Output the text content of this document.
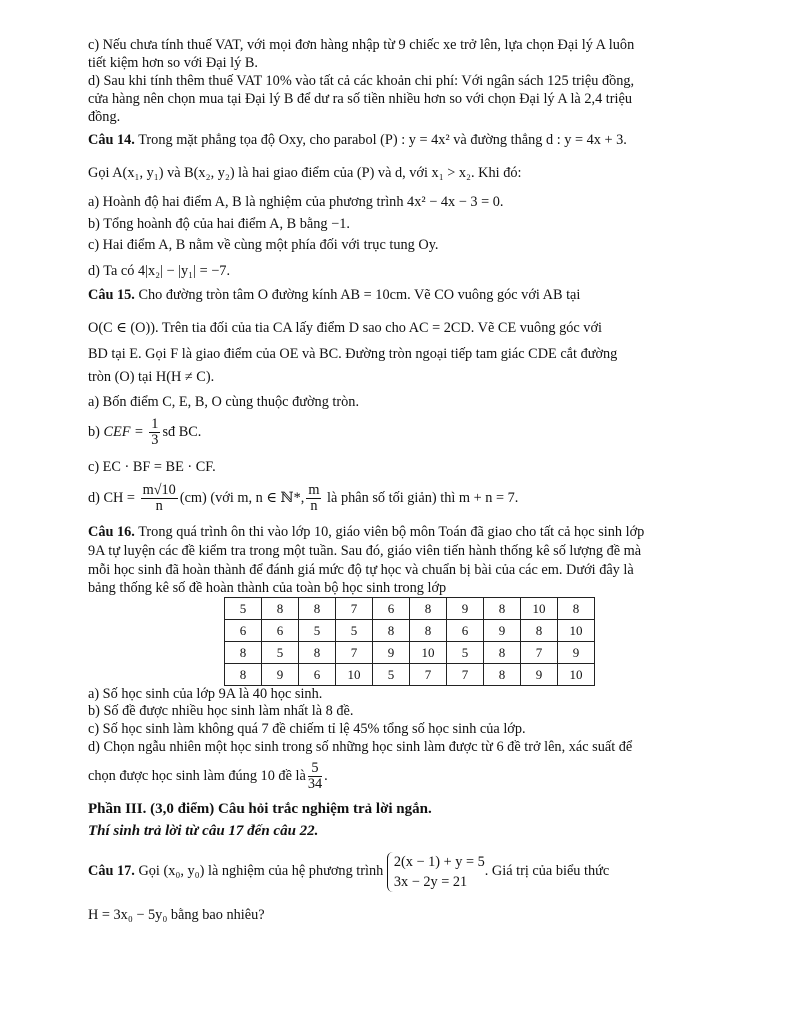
c) Nếu chưa tính thuế VAT, với mọi đơn hàng nhập từ 9 chiếc xe trở lên, lựa chọn Đại lý A luôn
tiết kiệm hơn so với Đại lý B.
d) Sau khi tính thêm thuế VAT 10% vào tất cả các khoản chi phí: Với ngân sách 125 triệu đồng,
cửa hàng nên chọn mua tại Đại lý B để dư ra số tiền nhiều hơn so với chọn Đại lý A là 2,4 triệu
đồng.
Câu 14. Trong mặt phẳng tọa độ Oxy, cho parabol (P) : y = 4x² và đường thẳng d : y = 4x + 3.
Gọi A(x₁, y₁) và B(x₂, y₂) là hai giao điểm của (P) và d, với x₁ > x₂. Khi đó:
a) Hoành độ hai điểm A, B là nghiệm của phương trình 4x² − 4x − 3 = 0.
b) Tổng hoành độ của hai điểm A, B bằng −1.
c) Hai điểm A, B nằm về cùng một phía đối với trục tung Oy.
d) Ta có 4|x₂| − |y₁| = −7.
Câu 15. Cho đường tròn tâm O đường kính AB = 10cm. Vẽ CO vuông góc với AB tại
O(C ∈ (O)). Trên tia đối của tia CA lấy điểm D sao cho AC = 2CD. Vẽ CE vuông góc với
BD tại E. Gọi F là giao điểm của OE và BC. Đường tròn ngoại tiếp tam giác CDE cắt đường
tròn (O) tại H(H ≠ C).
a) Bốn điểm C, E, B, O cùng thuộc đường tròn.
b) CEF = $\frac{1}{3}$ sđ BC.
c) EC · BF = BE · CF.
d) CH = $\frac{m√10}{n} (cm)$ (với m, n ∈ ℕ*, $\frac{m}{n}$ là phân số tối giản) thì m + n = 7.
Câu 16. Trong quá trình ôn thi vào lớp 10, giáo viên bộ môn Toán đã giao cho tất cả học sinh lớp
9A tự luyện các đề kiểm tra trong một tuần. Sau đó, giáo viên tiến hành thống kê số lượng đề mà
mỗi học sinh đã hoàn thành để đánh giá mức độ tự học và chuẩn bị bài của các em. Dưới đây là
bảng thống kê số đề hoàn thành của toàn bộ học sinh trong lớp
5	8	8	7	6	8	9	8	10	8
6	6	5	5	8	8	6	9	8	10
8	5	8	7	9	10	5	8	7	9
8	9	6	10	5	7	7	8	9	10
a) Số học sinh của lớp 9A là 40 học sinh.
b) Số đề được nhiều học sinh làm nhất là 8 đề.
c) Số học sinh làm không quá 7 đề chiếm tỉ lệ 45% tổng số học sinh của lớp.
d) Chọn ngẫu nhiên một học sinh trong số những học sinh làm được từ 6 đề trở lên, xác suất để
chọn được học sinh làm đúng 10 đề là $\frac{5}{34}$ .
Phần III. (3,0 điểm) Câu hỏi trắc nghiệm trả lời ngắn.
Thí sinh trả lời từ câu 17 đến câu 22.
Câu 17. Gọi (x₀, y₀) là nghiệm của hệ phương trình
2(x − 1) + y = 5
3x − 2y = 21
. Giá trị của biểu thức
H = 3x₀ − 5y₀ bằng bao nhiêu?
